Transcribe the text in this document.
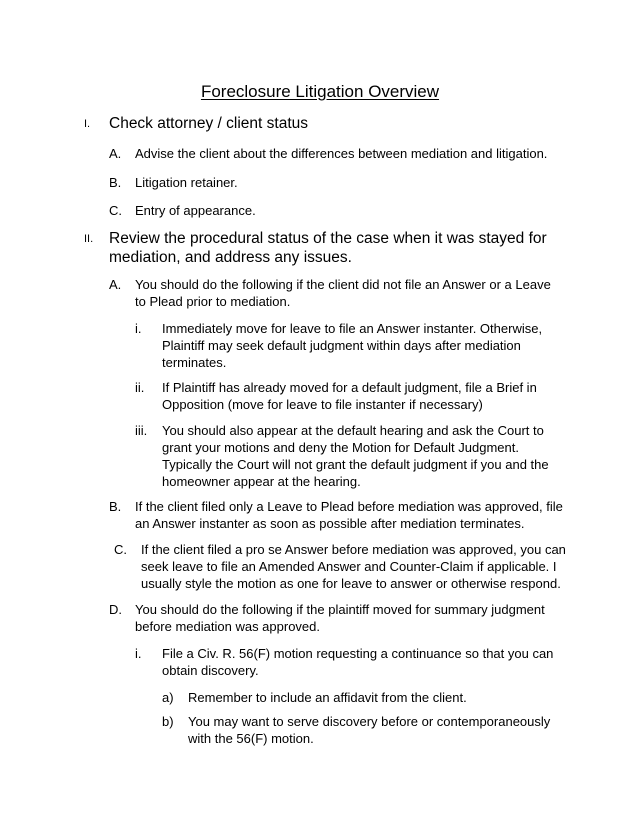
Foreclosure Litigation Overview
I. Check attorney / client status
A. Advise the client about the differences between mediation and litigation.
B. Litigation retainer.
C. Entry of appearance.
II. Review the procedural status of the case when it was stayed for
mediation, and address any issues.
A. You should do the following if the client did not file an Answer or a Leave
to Plead prior to mediation.
i. Immediately move for leave to file an Answer instanter. Otherwise,
Plaintiff may seek default judgment within days after mediation
terminates.
ii. If Plaintiff has already moved for a default judgment, file a Brief in
Opposition (move for leave to file instanter if necessary)
iii. You should also appear at the default hearing and ask the Court to
grant your motions and deny the Motion for Default Judgment.
Typically the Court will not grant the default judgment if you and the
homeowner appear at the hearing.
B. If the client filed only a Leave to Plead before mediation was approved, file
an Answer instanter as soon as possible after mediation terminates.
C. If the client filed a pro se Answer before mediation was approved, you can
seek leave to file an Amended Answer and Counter-Claim if applicable. I
usually style the motion as one for leave to answer or otherwise respond.
D. You should do the following if the plaintiff moved for summary judgment
before mediation was approved.
i. File a Civ. R. 56(F) motion requesting a continuance so that you can
obtain discovery.
a) Remember to include an affidavit from the client.
b) You may want to serve discovery before or contemporaneously
with the 56(F) motion.
